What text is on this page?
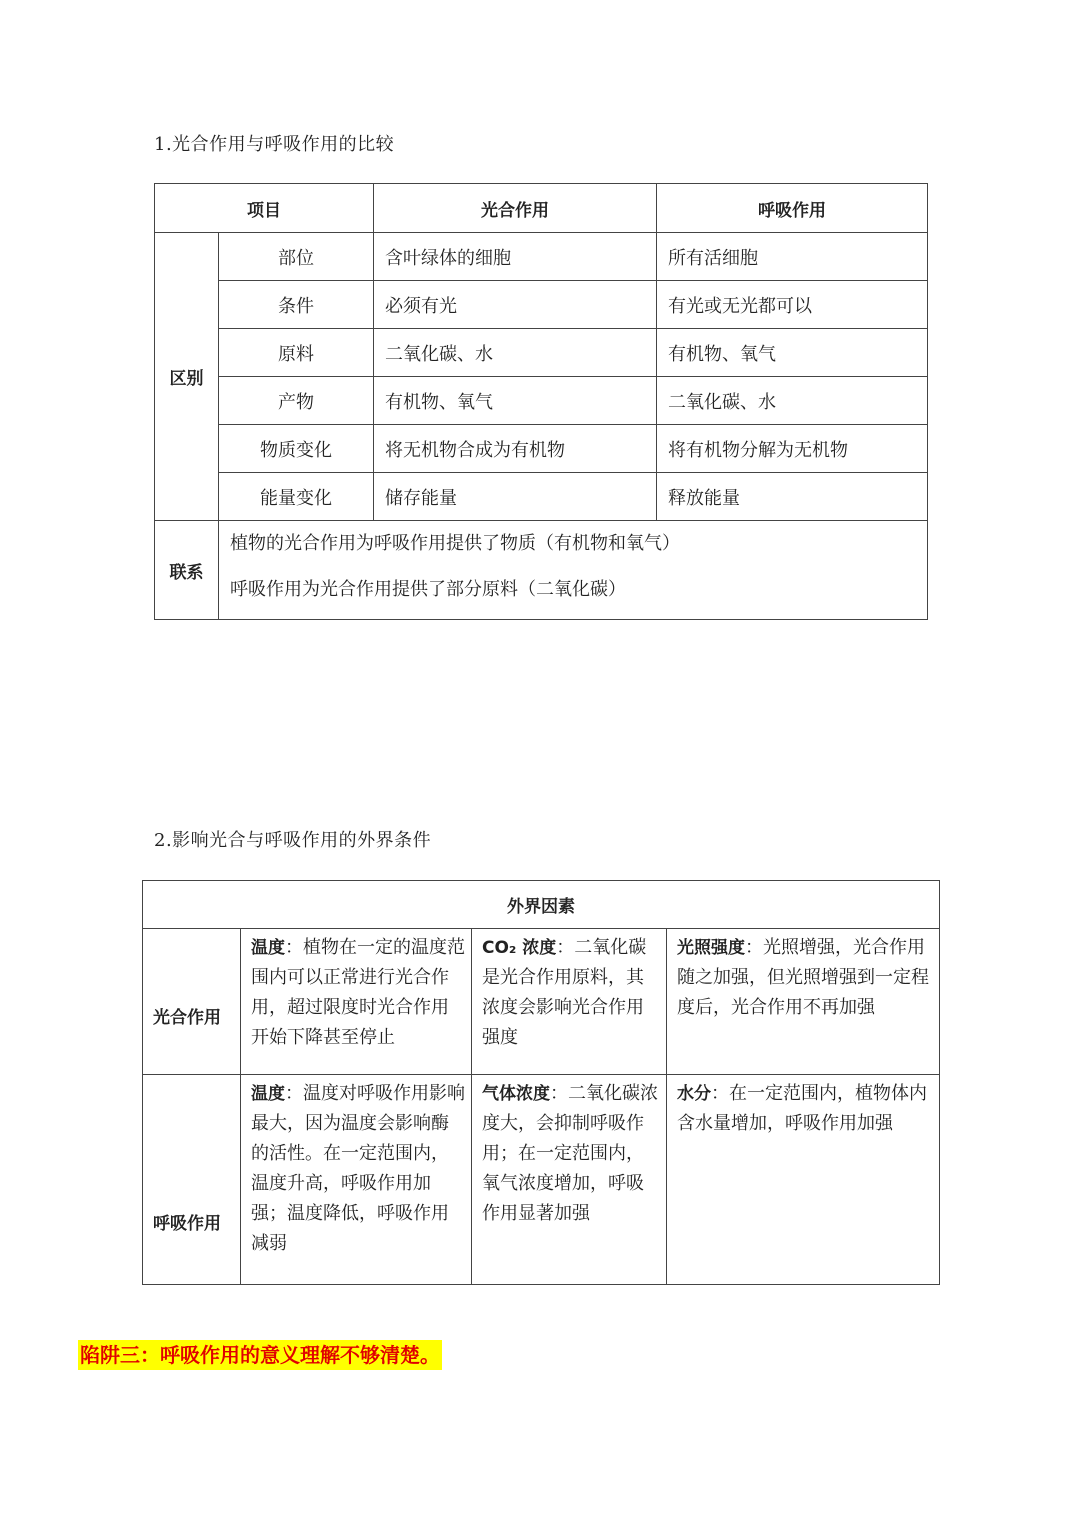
1.光合作用与呼吸作用的比较
项目		光合作用	呼吸作用
区别	部位	含叶绿体的细胞	所有活细胞
	条件	必须有光	有光或无光都可以
	原料	二氧化碳、水	有机物、氧气
	产物	有机物、氧气	二氧化碳、水
	物质变化	将无机物合成为有机物	将有机物分解为无机物
	能量变化	储存能量	释放能量
联系	植物的光合作用为呼吸作用提供了物质（有机物和氧气）
呼吸作用为光合作用提供了部分原料（二氧化碳）		
2.影响光合与呼吸作用的外界条件
外界因素			
光合作用	温度：植物在一定的温度范围内可以正常进行光合作用，超过限度时光合作用开始下降甚至停止	CO₂ 浓度：二氧化碳是光合作用原料，其浓度会影响光合作用强度	光照强度：光照增强，光合作用随之加强，但光照增强到一定程度后，光合作用不再加强
呼吸作用	温度：温度对呼吸作用影响最大，因为温度会影响酶的活性。在一定范围内，温度升高，呼吸作用加强；温度降低，呼吸作用减弱	气体浓度：二氧化碳浓度大，会抑制呼吸作用；在一定范围内，氧气浓度增加，呼吸作用显著加强	水分：在一定范围内，植物体内含水量增加，呼吸作用加强
陷阱三：呼吸作用的意义理解不够清楚。
